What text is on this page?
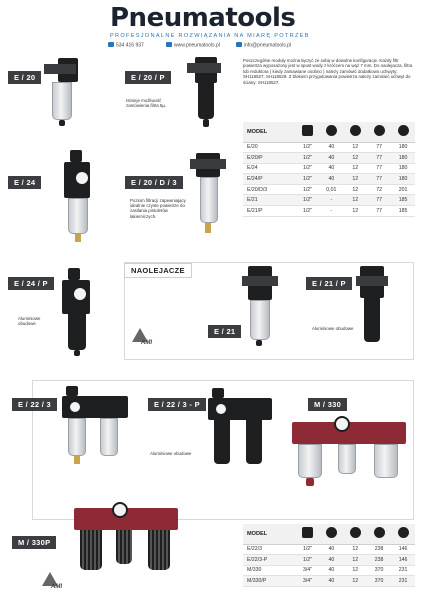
Pneumatools
PROFESJONALNE ROZWIĄZANIA NA MIARĘ POTRZEB
534 416 937	www.pneumatools.pl	info@pneumatools.pl
E / 20	E / 20 / P
Istnieje możliwość zamówienia filtra 5µ.
Poszczególne moduły można łączyć ze sobą w dowolne konfiguracje. Każdy filtr powietrza wyposażony jest w spust wody z króćcem na wąż 7 mm. Do naolejacza, filtra lub reduktora ( kiedy zamawiane osobno ) należy zamówić dodatkowo uchwyty: SH118527, SH118529. Z blokiem przygotowania powietrza należy zamówić uchwyt do ściany: SH118527.
MODEL					
E/20	1/2"	40	12	77	180
E/20/P	1/2"	40	12	77	180
E/24	1/2"	40	12	77	180
E/24/P	1/2"	40	12	77	180
E/20/D/3	1/2"	0,01	12	72	201
E/21	1/2"	-	12	77	185
E/21/P	1/2"	-	12	77	185
E / 24	E / 20 / D / 3
Poziom filtracji zapewniający idealnie czyste powietrze do zasilania pistoletów lakierniczych.
E / 24 / P
Aluminiowe obudowe
NAOLEJACZE
AMI
E / 21
E / 21 / P
Aluminiowe obudowe
E / 22 / 3	E / 22 / 3 - P
Aluminiowe obudowe
M / 330
M / 330P
AMI
MODEL					
E/22/3	1/2"	40	12	238	146
E/22/3-P	1/2"	40	12	238	146
M/330	3/4"	40	12	370	231
M/330/P	3/4"	40	12	370	231
